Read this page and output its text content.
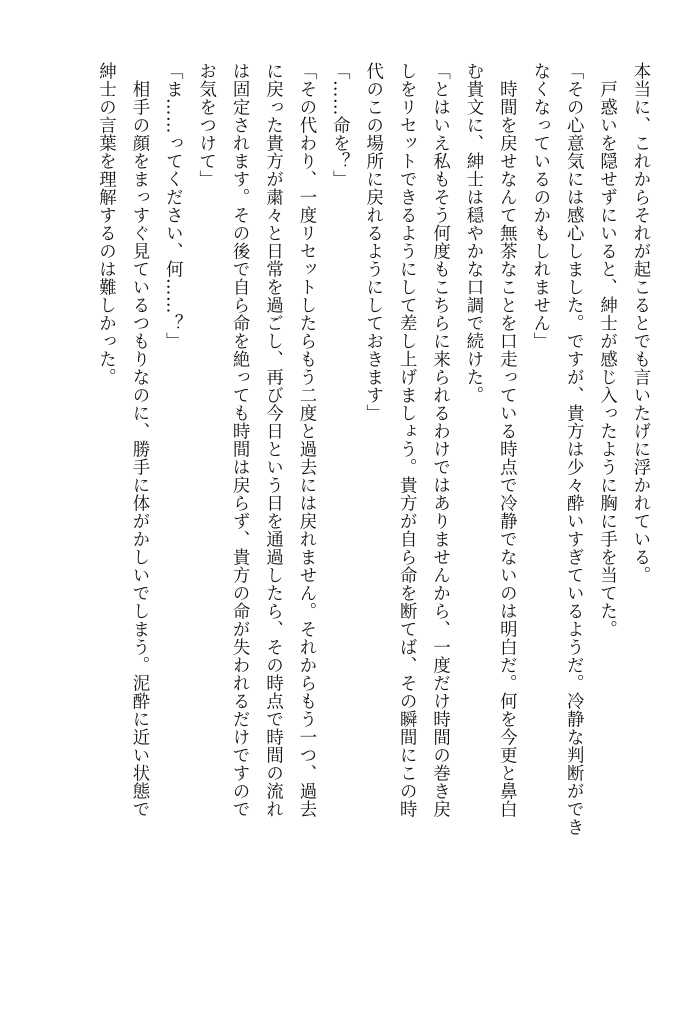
本当に、これからそれが起こるとでも言いたげに浮かれている。
　戸惑いを隠せずにいると、紳士が感じ入ったように胸に手を当てた。
「その心意気には感心しました。ですが、貴方は少々酔いすぎているようだ。冷静な判断ができ
なくなっているのかもしれません」
　時間を戻せなんて無茶なことを口走っている時点で冷静でないのは明白だ。何を今更と鼻白
む貴文に、紳士は穏やかな口調で続けた。
「とはいえ私もそう何度もこちらに来られるわけではありませんから、一度だけ時間の巻き戻
しをリセットできるようにして差し上げましょう。貴方が自ら命を断てば、その瞬間にこの時
代のこの場所に戻れるようにしておきます」
「……命を？」
「その代わり、一度リセットしたらもう二度と過去には戻れません。それからもう一つ、過去
に戻った貴方が粛々と日常を過ごし、再び今日という日を通過したら、その時点で時間の流れ
は固定されます。その後で自ら命を絶っても時間は戻らず、貴方の命が失われるだけですので
お気をつけて」
「ま……ってください、何……？」
　相手の顔をまっすぐ見ているつもりなのに、勝手に体がかしいでしまう。泥酔に近い状態で
紳士の言葉を理解するのは難しかった。
